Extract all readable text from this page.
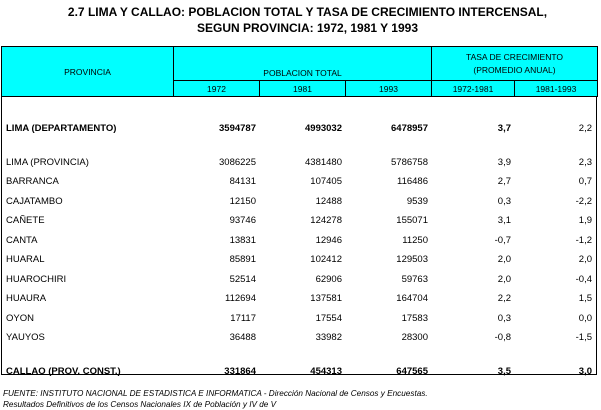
2.7 LIMA Y CALLAO: POBLACION TOTAL Y TASA DE CRECIMIENTO INTERCENSAL,
SEGUN PROVINCIA: 1972, 1981 Y 1993
PROVINCIA	POBLACION TOTAL			TASA DE CRECIMIENTO
(PROMEDIO ANUAL)	

	1972	1981	1993	1972-1981	1981-1993

LIMA (DEPARTAMENTO)	3594787	4993032	6478957	3,7	2,2

LIMA (PROVINCIA)	3086225	4381480	5786758	3,9	2,3
BARRANCA	84131	107405	116486	2,7	0,7
CAJATAMBO	12150	12488	9539	0,3	-2,2
CAÑETE	93746	124278	155071	3,1	1,9
CANTA	13831	12946	11250	-0,7	-1,2
HUARAL	85891	102412	129503	2,0	2,0
HUAROCHIRI	52514	62906	59763	2,0	-0,4
HUAURA	112694	137581	164704	2,2	1,5
OYON	17117	17554	17583	0,3	0,0
YAUYOS	36488	33982	28300	-0,8	-1,5

CALLAO (PROV. CONST.)	331864	454313	647565	3,5	3,0
FUENTE: INSTITUTO NACIONAL DE ESTADISTICA E INFORMATICA - Dirección Nacional de Censos y Encuestas.
Resultados Definitivos de los Censos Nacionales IX de Población y IV de V
